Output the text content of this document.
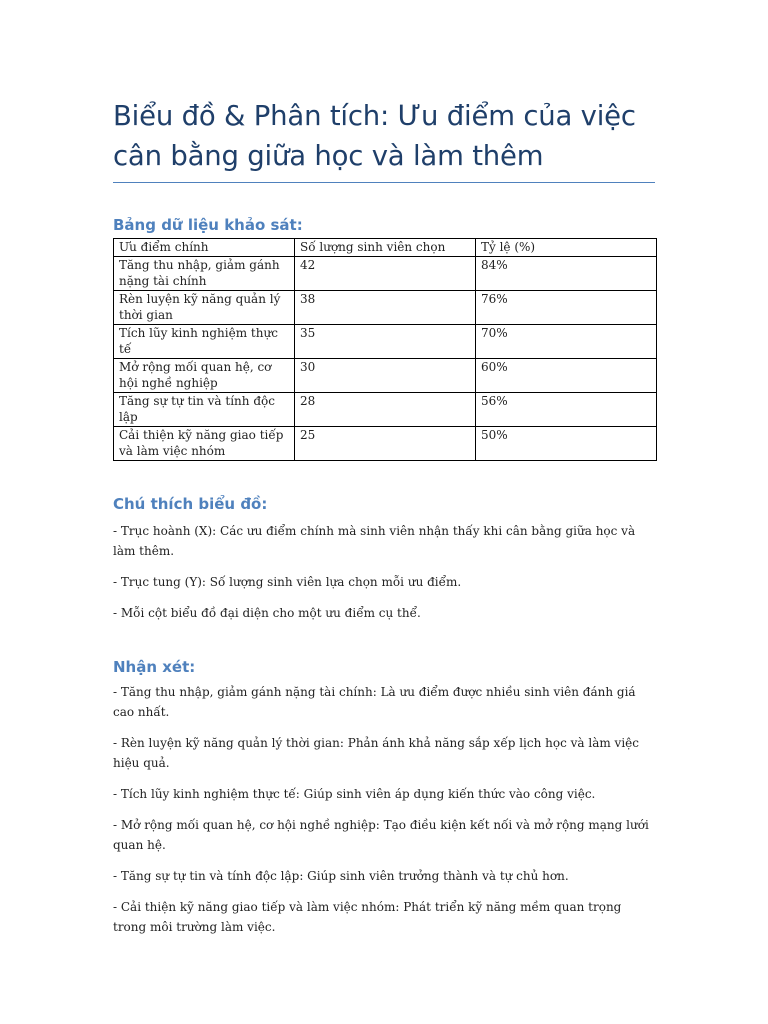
Biểu đồ & Phân tích: Ưu điểm của việc cân bằng giữa học và làm thêm
Bảng dữ liệu khảo sát:
Ưu điểm chính	Số lượng sinh viên chọn	Tỷ lệ (%)
Tăng thu nhập, giảm gánh nặng tài chính	42	84%
Rèn luyện kỹ năng quản lý thời gian	38	76%
Tích lũy kinh nghiệm thực tế	35	70%
Mở rộng mối quan hệ, cơ hội nghề nghiệp	30	60%
Tăng sự tự tin và tính độc lập	28	56%
Cải thiện kỹ năng giao tiếp và làm việc nhóm	25	50%
Chú thích biểu đồ:

- Trục hoành (X): Các ưu điểm chính mà sinh viên nhận thấy khi cân bằng giữa học và làm thêm.

- Trục tung (Y): Số lượng sinh viên lựa chọn mỗi ưu điểm.

- Mỗi cột biểu đồ đại diện cho một ưu điểm cụ thể.

Nhận xét:

- Tăng thu nhập, giảm gánh nặng tài chính: Là ưu điểm được nhiều sinh viên đánh giá cao nhất.

- Rèn luyện kỹ năng quản lý thời gian: Phản ánh khả năng sắp xếp lịch học và làm việc hiệu quả.

- Tích lũy kinh nghiệm thực tế: Giúp sinh viên áp dụng kiến thức vào công việc.

- Mở rộng mối quan hệ, cơ hội nghề nghiệp: Tạo điều kiện kết nối và mở rộng mạng lưới quan hệ.

- Tăng sự tự tin và tính độc lập: Giúp sinh viên trưởng thành và tự chủ hơn.

- Cải thiện kỹ năng giao tiếp và làm việc nhóm: Phát triển kỹ năng mềm quan trọng trong môi trường làm việc.
